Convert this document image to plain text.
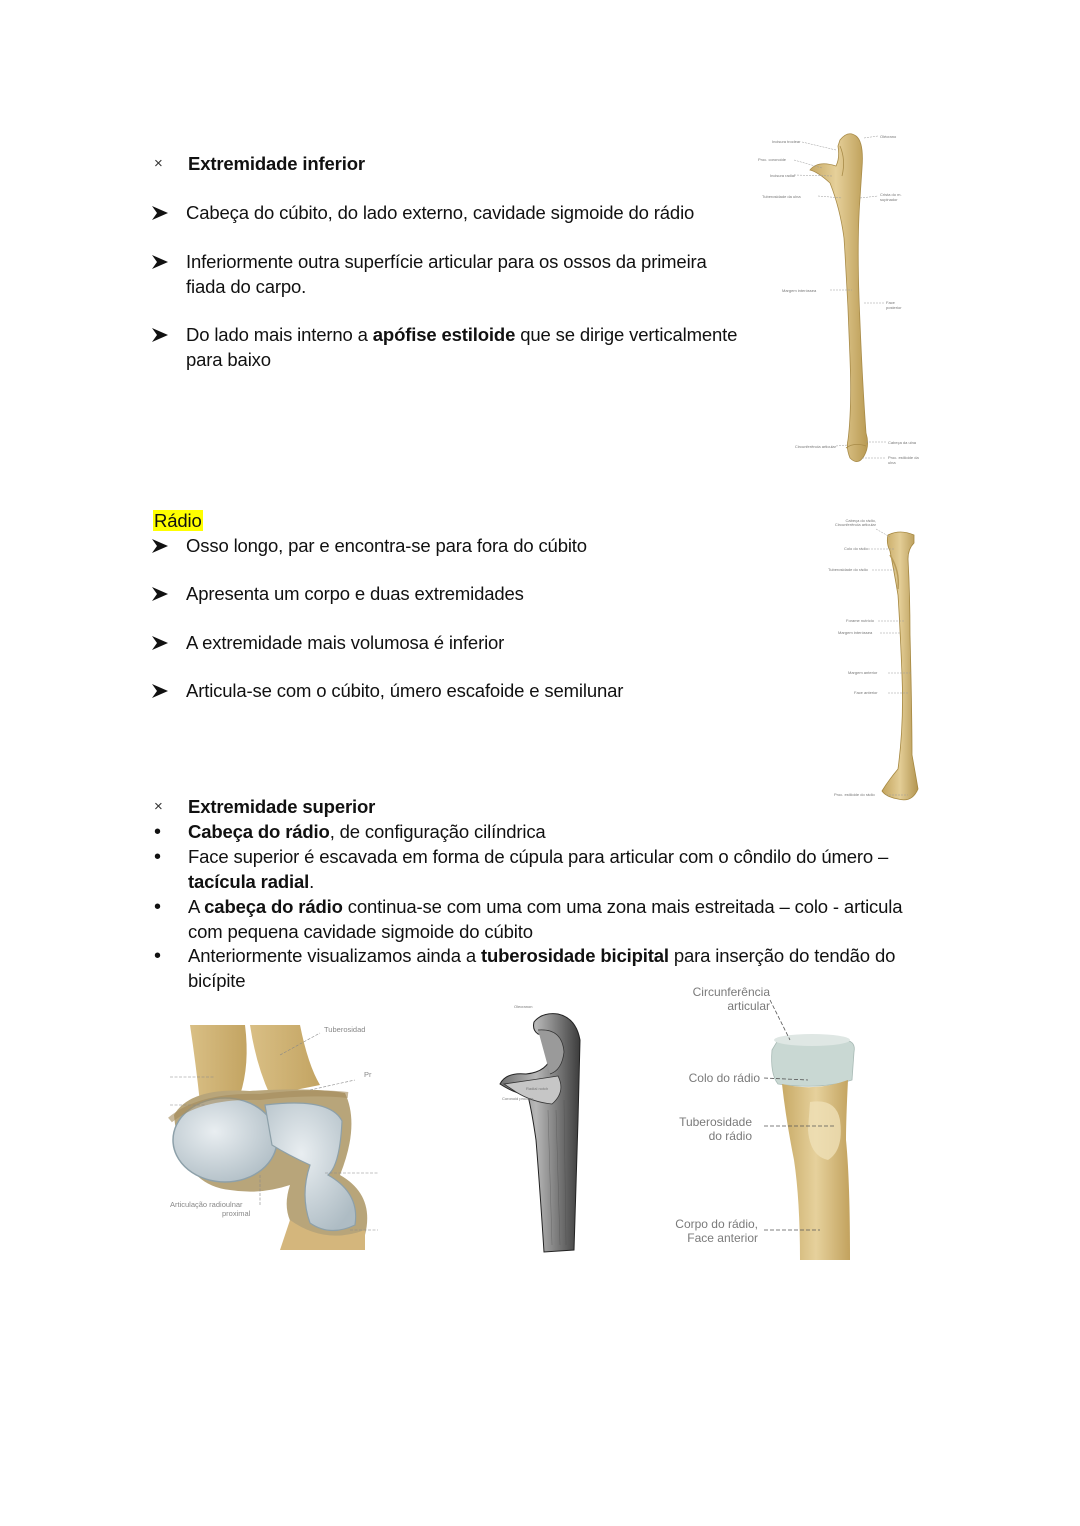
×	Extremidade inferior
Cabeça do cúbito, do lado externo, cavidade sigmoide do rádio
Inferiormente outra superfície articular para os ossos da primeira
fiada do carpo.
Do lado mais interno a apófise estiloide que se dirige verticalmente
para baixo
Incisura troclear
Olécrano
Proc. coronoide
Incisura radial
Tuberosidade da ulna	Crista do m. supinador
Margem interóssea
Face posterior
Circunferência articular
Cabeça da ulna
Proc. estiloide da ulna
Rádio
Osso longo, par e encontra-se para fora do cúbito
Apresenta um corpo e duas extremidades
A extremidade mais volumosa é inferior
Articula-se com o cúbito, úmero escafoide e semilunar
Cabeça do rádio, Circunferência articular
Colo do rádio
Tuberosidade do rádio
Forame nutrício
Margem interóssea
Margem anterior
Face anterior
Proc. estiloide do rádio
×	Extremidade superior
•	Cabeça do rádio, de configuração cilíndrica
•	Face superior é escavada em forma de cúpula para articular com o côndilo do úmero –
tacícula radial.
•	A cabeça do rádio continua-se com uma com uma zona mais estreitada – colo - articula
com pequena cavidade sigmoide do cúbito
•	Anteriormente visualizamos ainda a tuberosidade bicipital para inserção do tendão do
bicípite
Tuberosidad
Pr
Articulação radioulnar
proximal
Olecranon
Coronoid process
Radial notch
Circunferência
articular
Colo do rádio
Tuberosidade
do rádio
Corpo do rádio,
Face anterior
